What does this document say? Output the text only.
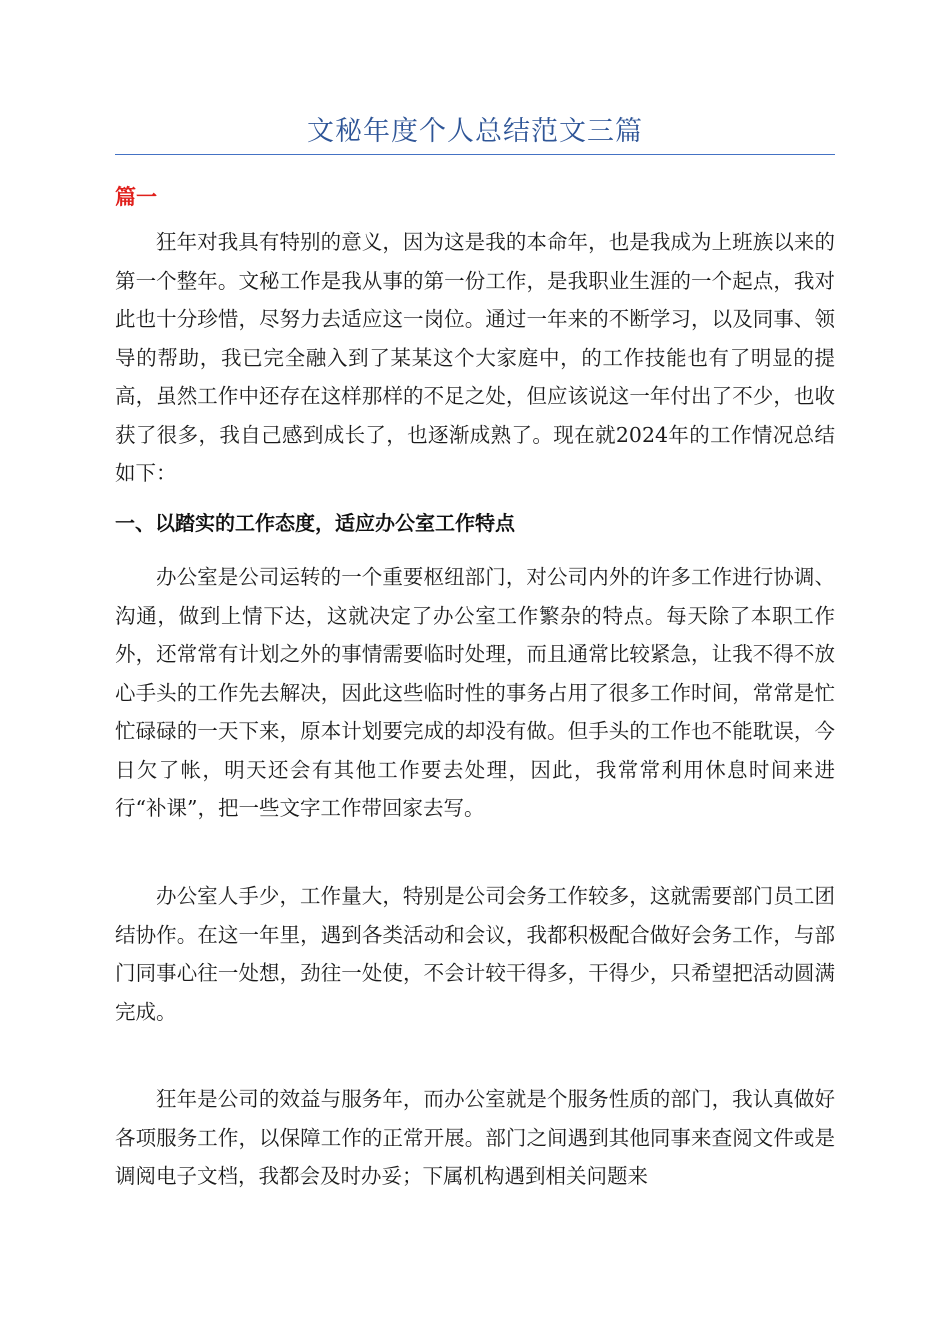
文秘年度个人总结范文三篇
篇一

狂年对我具有特别的意义，因为这是我的本命年，也是我成为上班族以来的第一个整年。文秘工作是我从事的第一份工作，是我职业生涯的一个起点，我对此也十分珍惜，尽努力去适应这一岗位。通过一年来的不断学习，以及同事、领导的帮助，我已完全融入到了某某这个大家庭中，的工作技能也有了明显的提高，虽然工作中还存在这样那样的不足之处，但应该说这一年付出了不少，也收获了很多，我自己感到成长了，也逐渐成熟了。现在就2024年的工作情况总结如下：

一、以踏实的工作态度，适应办公室工作特点

办公室是公司运转的一个重要枢纽部门，对公司内外的许多工作进行协调、沟通，做到上情下达，这就决定了办公室工作繁杂的特点。每天除了本职工作外，还常常有计划之外的事情需要临时处理，而且通常比较紧急，让我不得不放心手头的工作先去解决，因此这些临时性的事务占用了很多工作时间，常常是忙忙碌碌的一天下来，原本计划要完成的却没有做。但手头的工作也不能耽误，今日欠了帐，明天还会有其他工作要去处理，因此，我常常利用休息时间来进行“补课”，把一些文字工作带回家去写。

办公室人手少，工作量大，特别是公司会务工作较多，这就需要部门员工团结协作。在这一年里，遇到各类活动和会议，我都积极配合做好会务工作，与部门同事心往一处想，劲往一处使，不会计较干得多，干得少，只希望把活动圆满完成。

狂年是公司的效益与服务年，而办公室就是个服务性质的部门，我认真做好各项服务工作，以保障工作的正常开展。部门之间遇到其他同事来查阅文件或是调阅电子文档，我都会及时办妥；下属机构遇到相关问题来
